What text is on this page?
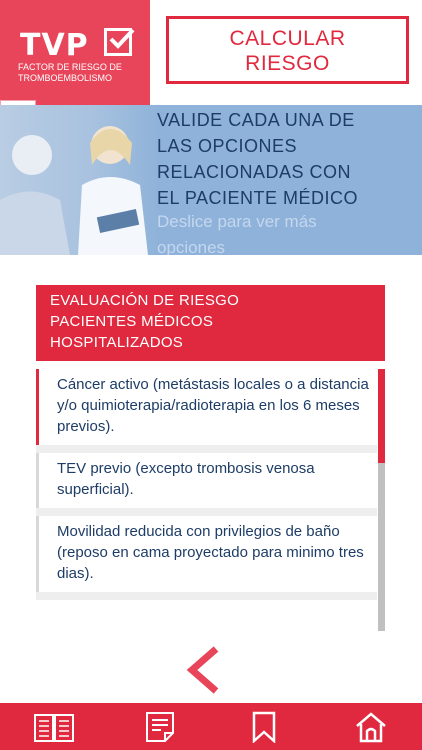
TVP
FACTOR DE RIESGO DE
TROMBOEMBOLISMO
CALCULAR
RIESGO
VALIDE CADA UNA DE
LAS OPCIONES
RELACIONADAS CON
EL PACIENTE MÉDICO
Deslice para ver más
opciones
EVALUACIÓN DE RIESGO
PACIENTES MÉDICOS
HOSPITALIZADOS
Cáncer activo (metástasis locales o a distancia y/o quimioterapia/radioterapia en los 6 meses previos).
TEV previo (excepto trombosis venosa superficial).
Movilidad reducida con privilegios de baño (reposo en cama proyectado para minimo tres dias).
